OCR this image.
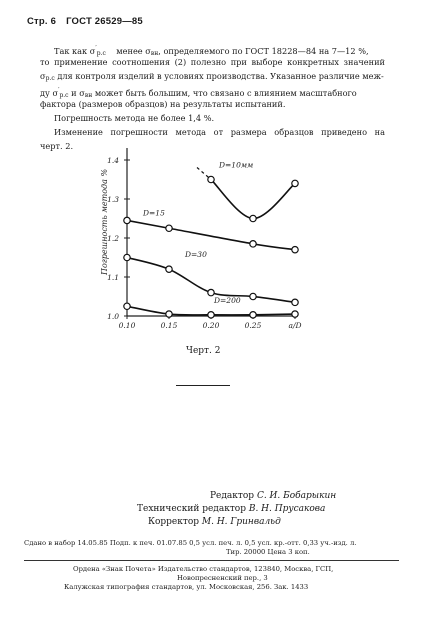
Стр. 6 ГОСТ 26529—85
Так как σ′р.с менее σвн, определяемого по ГОСТ 18228—84 на 7—12 %,
то применение соотношения (2) полезно при выборе конкретных значений
σр.с для контроля изделий в условиях производства. Указанное различие меж-
ду σ′р.с и σвн может быть большим, что связано с влиянием масштабного
фактора (размеров образцов) на результаты испытаний.
Погрешность метода не более 1,4 %.
Изменение погрешности метода от размера образцов приведено на
черт. 2.
1.0
1.1
1.2
1.3
1.4
0.10	0.15	0.20	0.25	a/D
Погрешность метода %
D=10мм
D=15
D=30
D=200
Черт. 2
Редактор С. И. Бобарыкин
Технический редактор В. Н. Прусакова
Корректор М. Н. Гринвальд
Сдано в набор 14.05.85 Подп. к печ. 01.07.85 0,5 усл. печ. л. 0,5 усл. кр.-отт. 0,33 уч.-изд. л.
Тир. 20000 Цена 3 коп.
Ордена «Знак Почета» Издательство стандартов, 123840, Москва, ГСП,
Новопресненский пер., 3
Калужская типография стандартов, ул. Московская, 256. Зак. 1433
